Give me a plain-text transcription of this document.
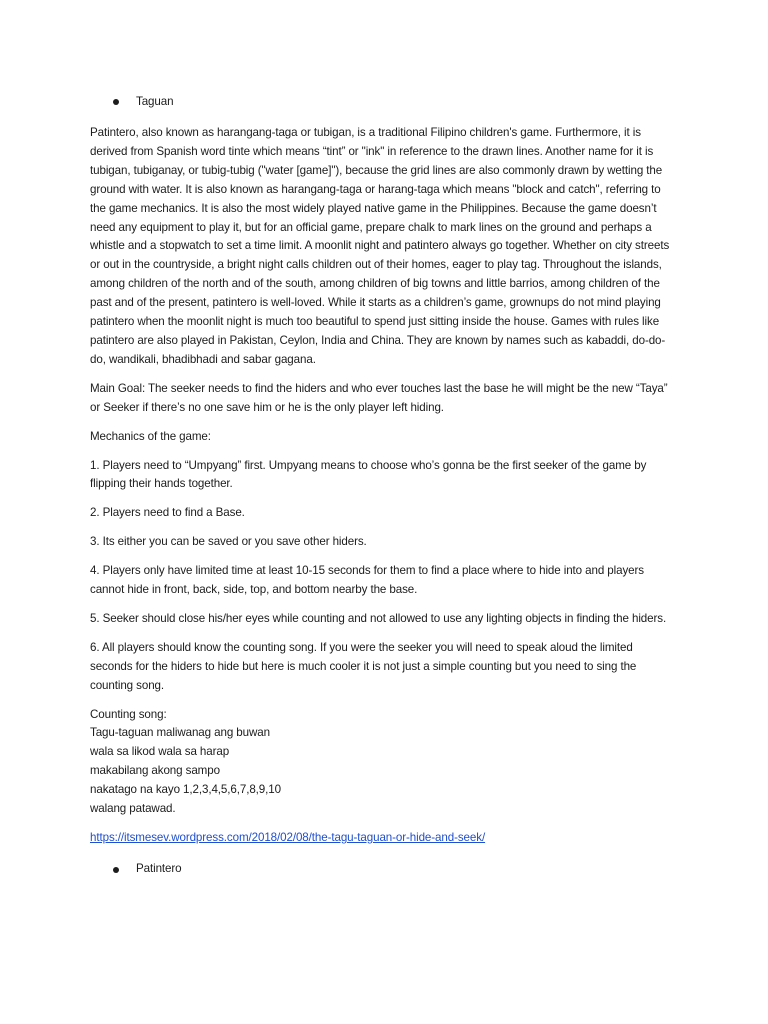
Taguan

Patintero, also known as harangang-taga or tubigan, is a traditional Filipino children's game. Furthermore, it is derived from Spanish word tinte which means “tint” or "ink" in reference to the drawn lines. Another name for it is tubigan, tubiganay, or tubig-tubig ("water [game]"), because the grid lines are also commonly drawn by wetting the ground with water. It is also known as harangang-taga or harang-taga which means "block and catch", referring to the game mechanics. It is also the most widely played native game in the Philippines. Because the game doesn’t need any equipment to play it, but for an official game, prepare chalk to mark lines on the ground and perhaps a whistle and a stopwatch to set a time limit. A moonlit night and patintero always go together. Whether on city streets or out in the countryside, a bright night calls children out of their homes, eager to play tag. Throughout the islands, among children of the north and of the south, among children of big towns and little barrios, among children of the past and of the present, patintero is well-loved. While it starts as a children’s game, grownups do not mind playing patintero when the moonlit night is much too beautiful to spend just sitting inside the house. Games with rules like patintero are also played in Pakistan, Ceylon, India and China. They are known by names such as kabaddi, do-do-do, wandikali, bhadibhadi and sabar gagana.

Main Goal: The seeker needs to find the hiders and who ever touches last the base he will might be the new “Taya” or Seeker if there’s no one save him or he is the only player left hiding.

Mechanics of the game:

1. Players need to “Umpyang” first. Umpyang means to choose who’s gonna be the first seeker of the game by flipping their hands together.

2. Players need to find a Base.

3. Its either you can be saved or you save other hiders.

4. Players only have limited time at least 10-15 seconds for them to find a place where to hide into and players cannot hide in front, back, side, top, and bottom nearby the base.

5. Seeker should close his/her eyes while counting and not allowed to use any lighting objects in finding the hiders.

6. All players should know the counting song. If you were the seeker you will need to speak aloud the limited seconds for the hiders to hide but here is much cooler it is not just a simple counting but you need to sing the counting song.

Counting song:

Tagu-taguan maliwanag ang buwan

wala sa likod wala sa harap

makabilang akong sampo

nakatago na kayo 1,2,3,4,5,6,7,8,9,10

walang patawad.

https://itsmesev.wordpress.com/2018/02/08/the-tagu-taguan-or-hide-and-seek/

Patintero
